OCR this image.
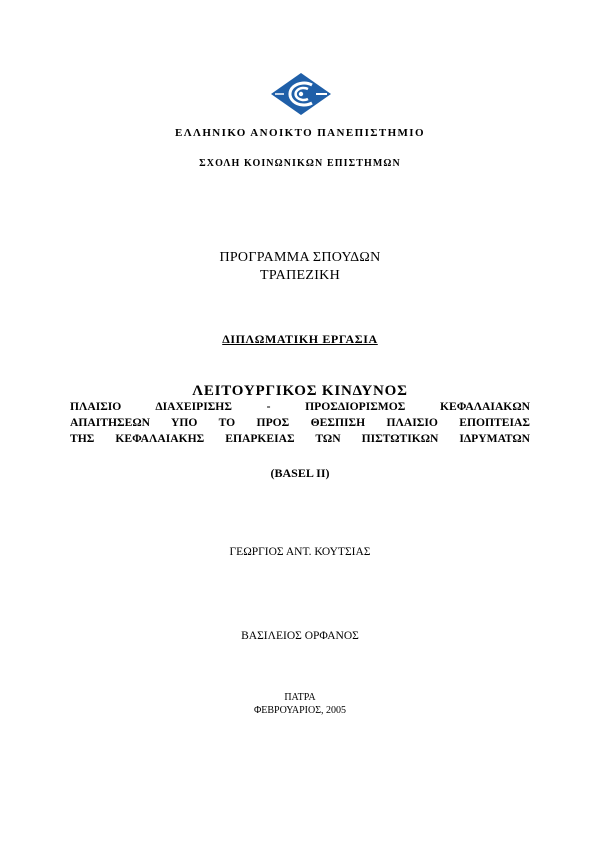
ΕΛΛΗΝΙΚΟ ΑΝΟΙΚΤΟ ΠΑΝΕΠΙΣΤΗΜΙΟ
ΣΧΟΛΗ ΚΟΙΝΩΝΙΚΩΝ ΕΠΙΣΤΗΜΩΝ
ΠΡΟΓΡΑΜΜΑ ΣΠΟΥΔΩΝ
ΤΡΑΠΕΖΙΚΗ
ΔΙΠΛΩΜΑΤΙΚΗ ΕΡΓΑΣΙΑ
ΛΕΙΤΟΥΡΓΙΚΟΣ ΚΙΝΔΥΝΟΣ
ΠΛΑΙΣΙΟ ΔΙΑΧΕΙΡΙΣΗΣ - ΠΡΟΣΔΙΟΡΙΣΜΟΣ ΚΕΦΑΛΑΙΑΚΩΝ
ΑΠΑΙΤΗΣΕΩΝ ΥΠΟ ΤΟ ΠΡΟΣ ΘΕΣΠΙΣΗ ΠΛΑΙΣΙΟ ΕΠΟΠΤΕΙΑΣ
ΤΗΣ ΚΕΦΑΛΑΙΑΚΗΣ ΕΠΑΡΚΕΙΑΣ ΤΩΝ ΠΙΣΤΩΤΙΚΩΝ ΙΔΡΥΜΑΤΩΝ
(BASEL II)
ΓΕΩΡΓΙΟΣ ΑΝΤ. ΚΟΥΤΣΙΑΣ
ΒΑΣΙΛΕΙΟΣ ΟΡΦΑΝΟΣ
ΠΑΤΡΑ
ΦΕΒΡΟΥΑΡΙΟΣ, 2005
